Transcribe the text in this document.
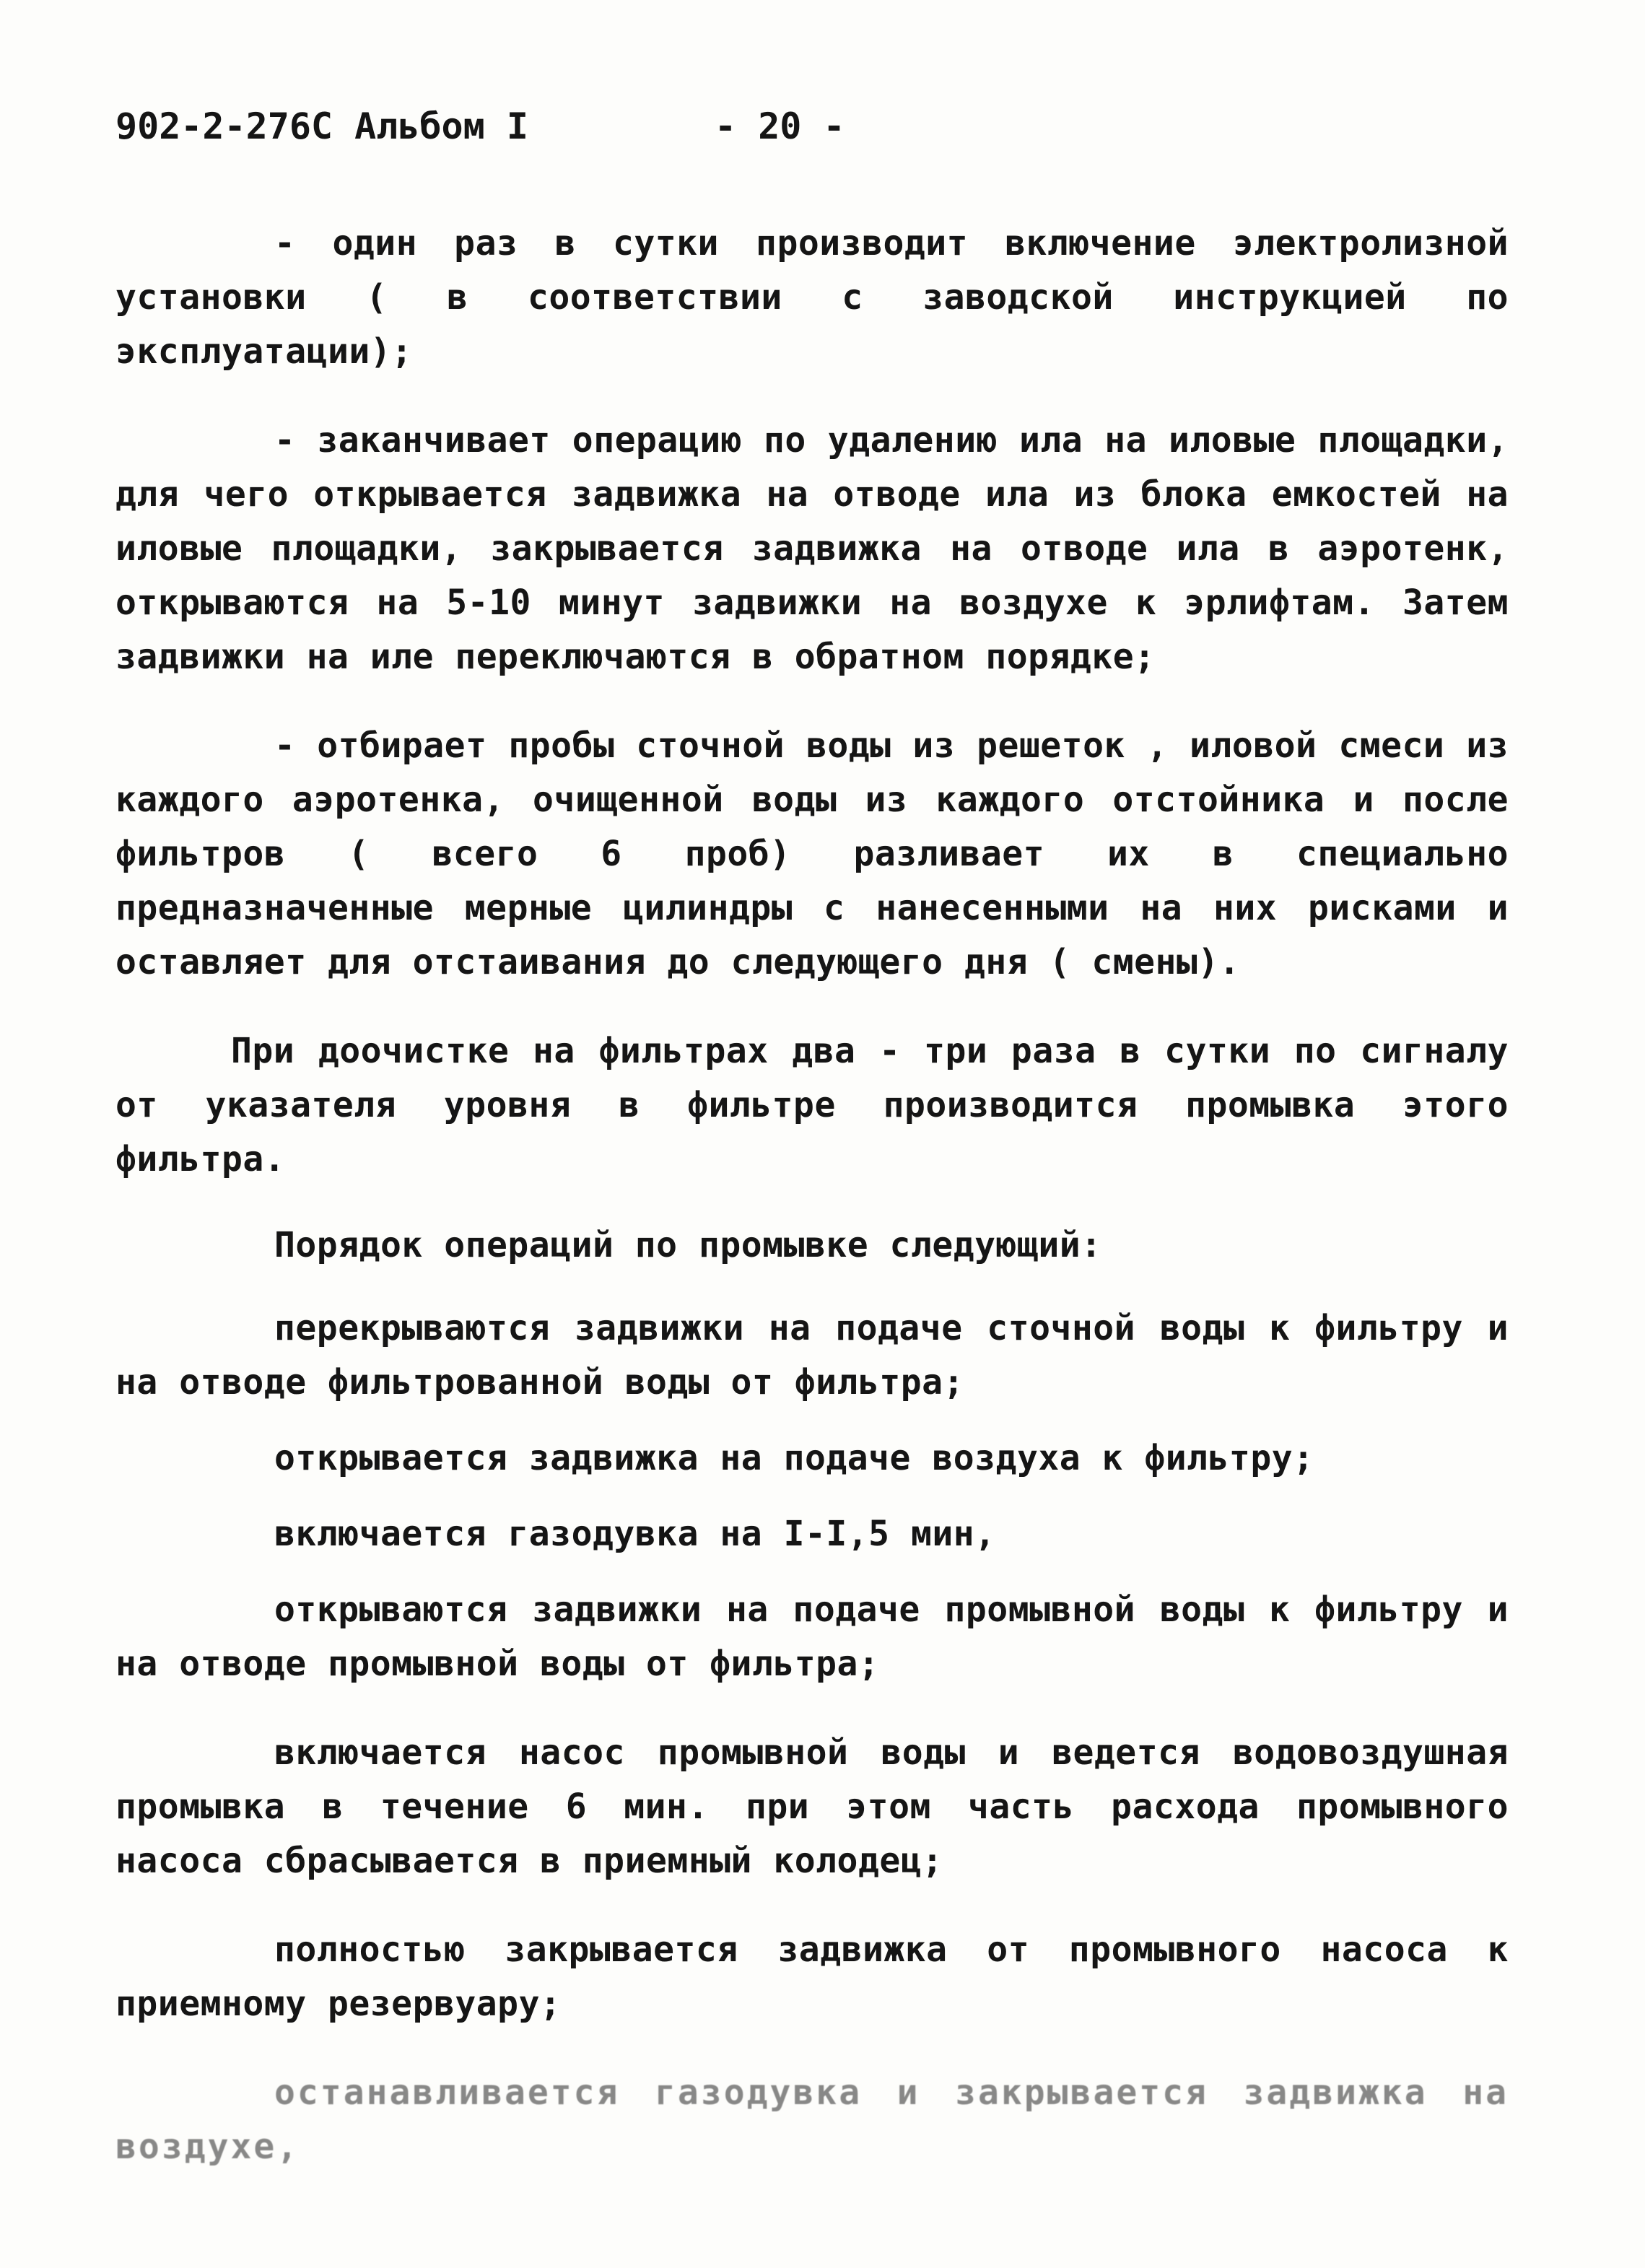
902-2-276С Альбом I	- 20 -

- один раз в сутки производит включение электролизной установки ( в соответствии с заводской инструкцией по эксплуатации);

- заканчивает операцию по удалению ила на иловые площадки, для чего открывается задвижка на отводе ила из блока емкостей на иловые площадки, закрывается задвижка на отводе ила в аэротенк, открываются на 5-10 минут задвижки на воздухе к эрлифтам. Затем задвижки на иле переключаются в обратном порядке;

- отбирает пробы сточной воды из решеток , иловой смеси из каждого аэротенка, очищенной воды из каждого отстойника и после фильтров ( всего 6 проб) разливает их в специально предназначенные мерные цилиндры с нанесенными на них рисками и оставляет для отстаивания до следующего дня ( смены).

При доочистке на фильтрах два - три раза в сутки по сигналу от указателя уровня в фильтре производится промывка этого фильтра.

Порядок операций по промывке следующий:

перекрываются задвижки на подаче сточной воды к фильтру и на отводе фильтрованной воды от фильтра;

открывается задвижка на подаче воздуха к фильтру;

включается газодувка на I-I,5 мин,

открываются задвижки на подаче промывной воды к фильтру и на отводе промывной воды от фильтра;

включается насос промывной воды и ведется водовоздушная промывка в течение 6 мин. при этом часть расхода промывного насоса сбрасывается в приемный колодец;

полностью закрывается задвижка от промывного насоса к приемному резервуару;

останавливается газодувка и закрывается задвижка на воздухе,
